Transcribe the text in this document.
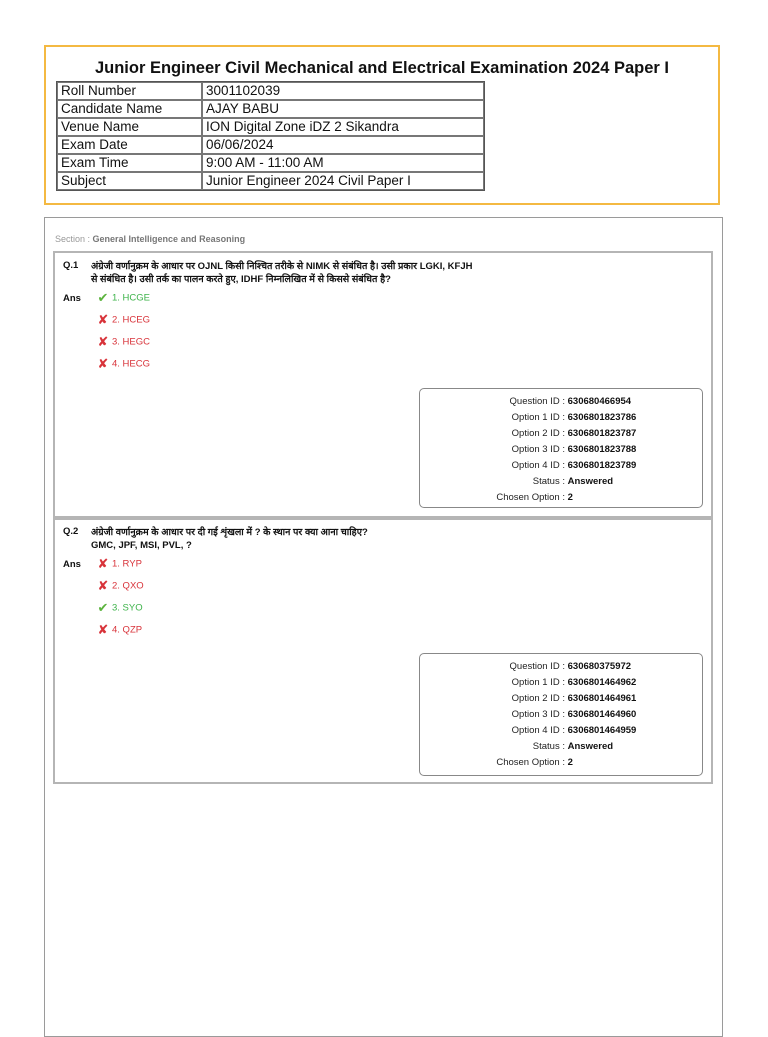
Junior Engineer Civil Mechanical and Electrical Examination 2024 Paper I
Roll Number	3001102039
Candidate Name	AJAY BABU
Venue Name	ION Digital Zone iDZ 2 Sikandra
Exam Date	06/06/2024
Exam Time	9:00 AM - 11:00 AM
Subject	Junior Engineer 2024 Civil Paper I
Section : General Intelligence and Reasoning
Q.1 अंग्रेजी वर्णानुक्रम के आधार पर OJNL किसी निश्चित तरीके से NIMK से संबंधित है। उसी प्रकार LGKI, KFJH
से संबंधित है। उसी तर्क का पालन करते हुए, IDHF निम्नलिखित में से किससे संबंधित है?
Ans ✔ 1. HCGE
✘ 2. HCEG
✘ 3. HEGC
✘ 4. HECG
Question ID : 630680466954
Option 1 ID : 6306801823786
Option 2 ID : 6306801823787
Option 3 ID : 6306801823788
Option 4 ID : 6306801823789
Status : Answered
Chosen Option : 2
Q.2 अंग्रेजी वर्णानुक्रम के आधार पर दी गई शृंखला में ? के स्थान पर क्या आना चाहिए?
GMC, JPF, MSI, PVL, ?
Ans ✘ 1. RYP
✘ 2. QXO
✔ 3. SYO
✘ 4. QZP
Question ID : 630680375972
Option 1 ID : 6306801464962
Option 2 ID : 6306801464961
Option 3 ID : 6306801464960
Option 4 ID : 6306801464959
Status : Answered
Chosen Option : 2
